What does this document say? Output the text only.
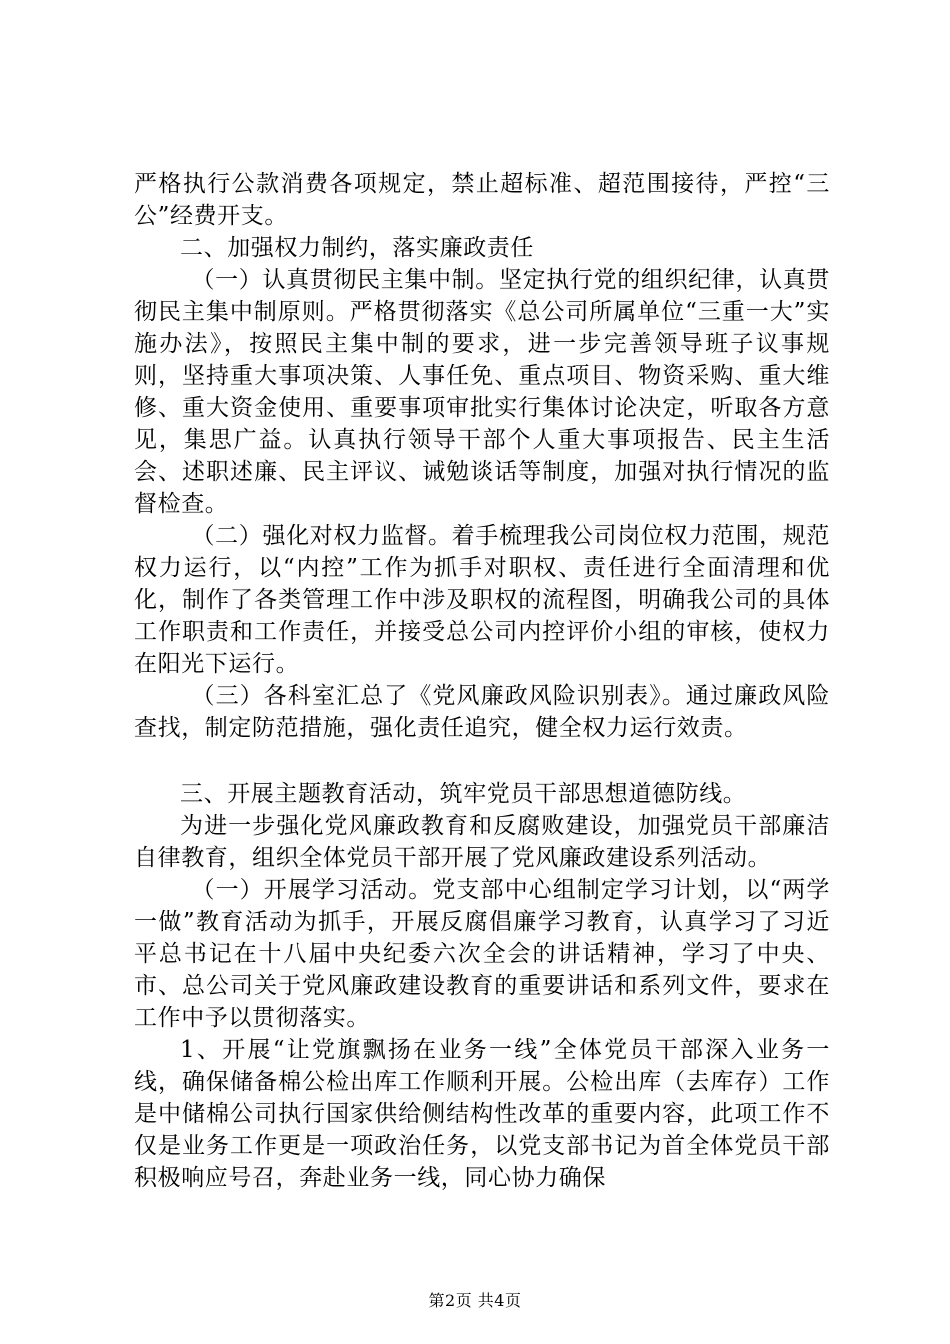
严格执行公款消费各项规定，禁止超标准、超范围接待，严控“三公”经费开支。

二、加强权力制约，落实廉政责任

（一）认真贯彻民主集中制。坚定执行党的组织纪律，认真贯彻民主集中制原则。严格贯彻落实《总公司所属单位“三重一大”实施办法》，按照民主集中制的要求，进一步完善领导班子议事规则，坚持重大事项决策、人事任免、重点项目、物资采购、重大维修、重大资金使用、重要事项审批实行集体讨论决定，听取各方意见，集思广益。认真执行领导干部个人重大事项报告、民主生活会、述职述廉、民主评议、诫勉谈话等制度，加强对执行情况的监督检查。

（二）强化对权力监督。着手梳理我公司岗位权力范围，规范权力运行，以“内控”工作为抓手对职权、责任进行全面清理和优化，制作了各类管理工作中涉及职权的流程图，明确我公司的具体工作职责和工作责任，并接受总公司内控评价小组的审核，使权力在阳光下运行。

（三）各科室汇总了《党风廉政风险识别表》。通过廉政风险查找，制定防范措施，强化责任追究，健全权力运行效责。

三、开展主题教育活动，筑牢党员干部思想道德防线。

为进一步强化党风廉政教育和反腐败建设，加强党员干部廉洁自律教育，组织全体党员干部开展了党风廉政建设系列活动。

（一）开展学习活动。党支部中心组制定学习计划，以“两学一做”教育活动为抓手，开展反腐倡廉学习教育，认真学习了习近平总书记在十八届中央纪委六次全会的讲话精神，学习了中央、市、总公司关于党风廉政建设教育的重要讲话和系列文件，要求在工作中予以贯彻落实。

1、开展“让党旗飘扬在业务一线”全体党员干部深入业务一线，确保储备棉公检出库工作顺利开展。公检出库（去库存）工作是中储棉公司执行国家供给侧结构性改革的重要内容，此项工作不仅是业务工作更是一项政治任务，以党支部书记为首全体党员干部积极响应号召，奔赴业务一线，同心协力确保

第2页 共4页
